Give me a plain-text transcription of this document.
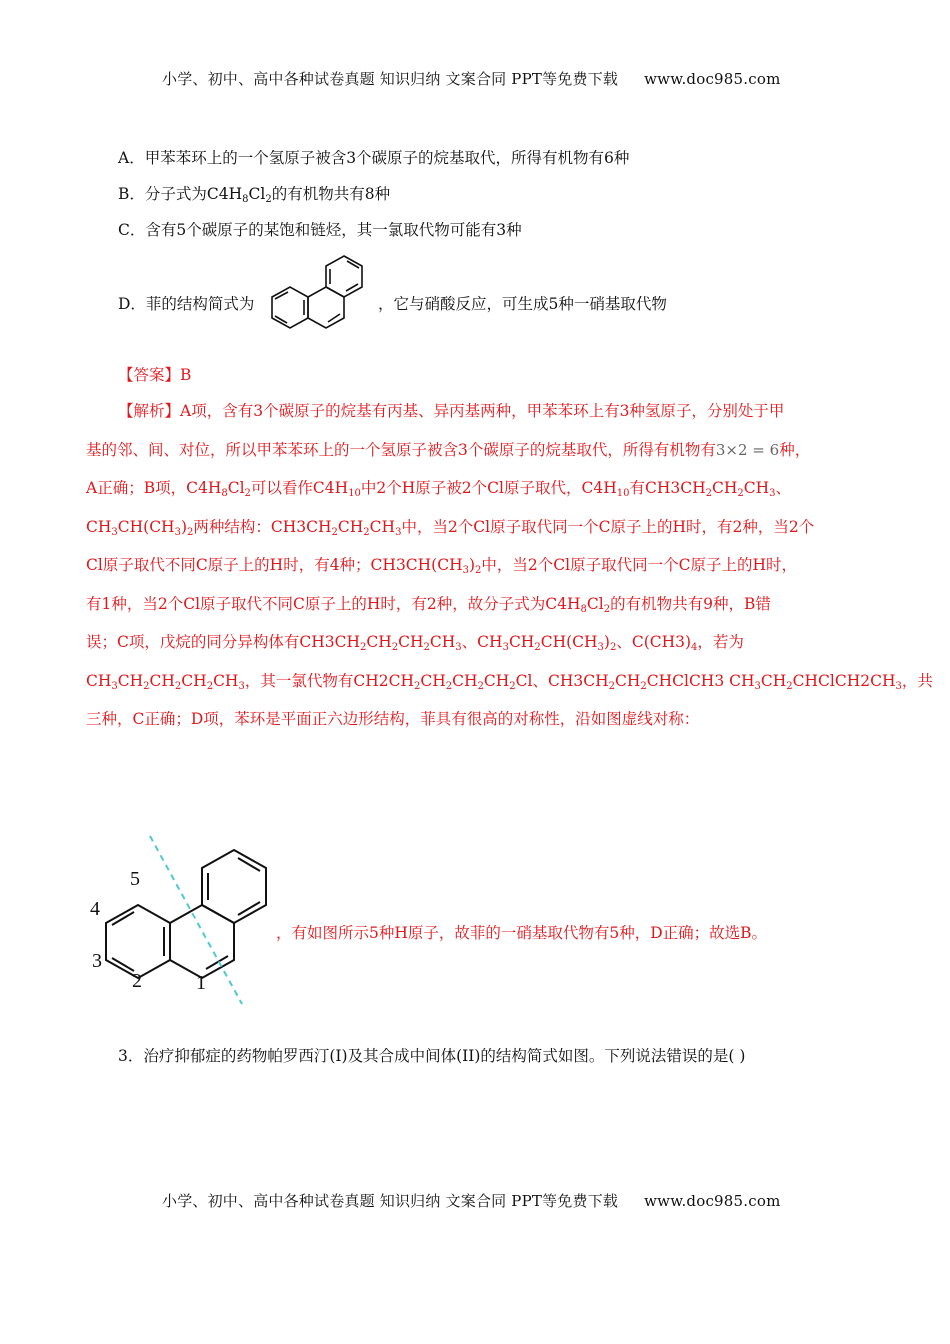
小学、初中、高中各种试卷真题 知识归纳 文案合同 PPT等免费下载 www.doc985.com
A．甲苯苯环上的一个氢原子被含3个碳原子的烷基取代，所得有机物有6种
B．分子式为$C4H_8Cl_2$的有机物共有8种
C．含有5个碳原子的某饱和链烃，其一氯取代物可能有3种
D．菲的结构简式为	，它与硝酸反应，可生成5种一硝基取代物
【答案】B
【解析】A项，含有3个碳原子的烷基有丙基、异丙基两种，甲苯苯环上有3种氢原子，分别处于甲
基的邻、间、对位，所以甲苯苯环上的一个氢原子被含3个碳原子的烷基取代，所得有机物有3×2 = 6种，
A正确；B项，$C4H_8Cl_2$可以看作$C4H_{10}$中2个H原子被2个Cl原子取代，$C4H_{10}$有$CH3CH_2CH_2CH_3$、
$CH_3CH(CH_3)_2$两种结构：$CH3CH_2CH_2CH_3$中，当2个Cl原子取代同一个C原子上的H时，有2种，当2个
Cl原子取代不同C原子上的H时，有4种；$CH3CH(CH_3)_2$中，当2个Cl原子取代同一个C原子上的H时，
有1种，当2个Cl原子取代不同C原子上的H时，有2种，故分子式为$C4H_8Cl_2$的有机物共有9种，B错
误；C项，戊烷的同分异构体有$CH3CH_2CH_2CH_2CH_3$、$CH_3CH_2CH(CH_3)_2$、$C(CH3)_4$，若为
$CH_3CH_2CH_2CH_2CH_3$，其一氯代物有$CH2CH_2CH_2CH_2CH_2Cl$、$CH3CH_2CH_2CHClCH3$ $CH_3CH_2CHClCH2CH_3$，共
三种，C正确；D项，苯环是平面正六边形结构，菲具有很高的对称性，沿如图虚线对称：
5
4
3
2	1
，有如图所示5种H原子，故菲的一硝基取代物有5种，D正确；故选B。
3．治疗抑郁症的药物帕罗西汀(I)及其合成中间体(II)的结构简式如图。下列说法错误的是( )
小学、初中、高中各种试卷真题 知识归纳 文案合同 PPT等免费下载 www.doc985.com
